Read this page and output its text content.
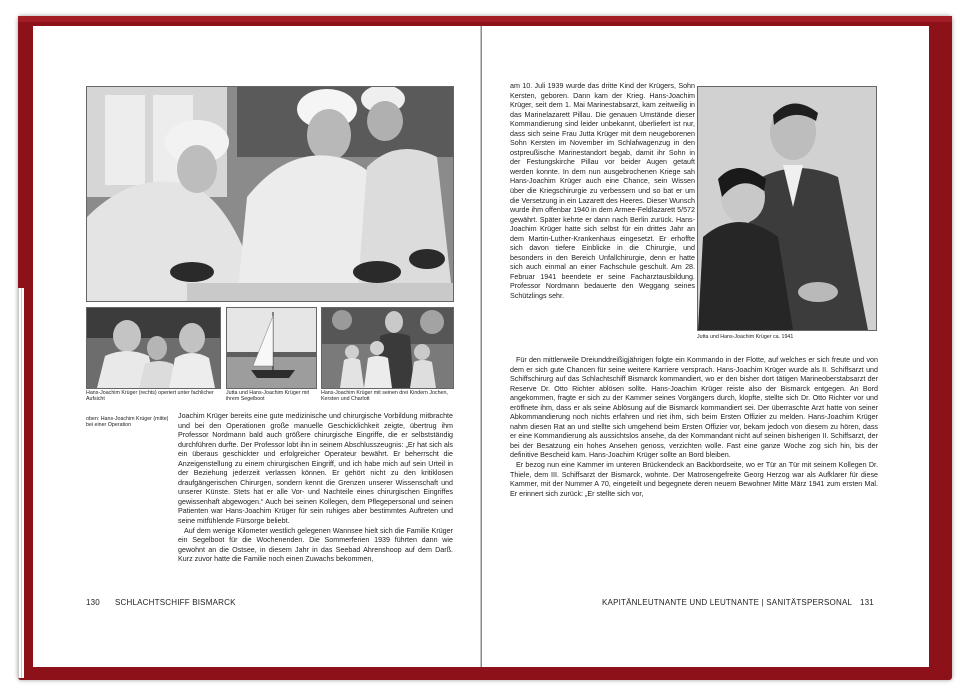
Hans-Joachim Krüger (rechts) operiert unter fachlicher Aufsicht
Jutta und Hans-Joachim Krüger mit ihrem Segelboot
Hans-Joachim Krüger mit seinen drei Kindern Jochen, Kersten und Charlott
oben: Hans-Joachim Krüger (mitte) bei einer Operation

Joachim Krüger bereits eine gute medizinische und chirurgische Vorbildung mitbrachte und bei den Operationen große manuelle Geschicklichkeit zeigte, übertrug ihm Professor Nordmann bald auch größere chirurgische Eingriffe, die er selbstständig durchführen durfte. Der Professor lobt ihn in seinem Abschlusszeugnis: „Er hat sich als ein überaus geschickter und erfolgreicher Operateur bewährt. Er beherrscht die Anzeigenstellung zu einem chirurgischen Eingriff, und ich habe mich auf sein Urteil in der Beziehung jederzeit verlassen können. Er gehört nicht zu den kritiklosen draufgängerischen Chirurgen, sondern kennt die Grenzen unserer Wissenschaft und unserer Künste. Stets hat er alle Vor- und Nachteile eines chirurgischen Eingriffes gewissenhaft abgewogen.“ Auch bei seinen Kollegen, dem Pflegepersonal und seinen Patienten war Hans-Joachim Krüger für sein ruhiges aber bestimmtes Auftreten und seine mitfühlende Fürsorge beliebt.

Auf dem wenige Kilometer westlich gelegenen Wannsee hielt sich die Familie Krüger ein Segelboot für die Wochenenden. Die Sommerferien 1939 führten dann wie gewohnt an die Ostsee, in diesem Jahr in das Seebad Ahrenshoop auf dem Darß. Kurz zuvor hatte die Familie noch einen Zuwachs bekommen,

130 SCHLACHTSCHIFF BISMARCK

am 10. Juli 1939 wurde das dritte Kind der Krügers, Sohn Kersten, geboren. Dann kam der Krieg. Hans-Joachim Krüger, seit dem 1. Mai Marinestabsarzt, kam zeitweilig in das Marinelazarett Pillau. Die genauen Umstände dieser Kommandierung sind leider unbekannt, überliefert ist nur, dass sich seine Frau Jutta Krüger mit dem neugeborenen Sohn Kersten im November im Schlafwagenzug in den ostpreußische Marinestandort begab, damit ihr Sohn in der Festungskirche Pillau vor beider Augen getauft werden konnte. In dem nun ausgebrochenen Kriege sah Hans-Joachim Krüger auch eine Chance, sein Wissen über die Kriegschirurgie zu verbessern und so bat er um die Versetzung in ein Lazarett des Heeres. Dieser Wunsch wurde ihm offenbar 1940 in dem Armee-Feldlazarett 5/572 gewährt. Später kehrte er dann nach Berlin zurück. Hans-Joachim Krüger hatte sich selbst für ein drittes Jahr an dem Martin-Luther-Krankenhaus eingesetzt. Er erhoffte sich davon tiefere Einblicke in die Chirurgie, und besonders in den Bereich Unfallchirurgie, denn er hatte sich auch einmal an einer Fachschule geschult. Am 28. Februar 1941 beendete er seine Facharztausbildung. Professor Nordmann bedauerte den Weggang seines Schützlings sehr.

Jutta und Hans-Joachim Krüger ca. 1941

Für den mittlerweile Dreiunddreißigjährigen folgte ein Kommando in der Flotte, auf welches er sich freute und von dem er sich gute Chancen für seine weitere Karriere versprach. Hans-Joachim Krüger wurde als II. Schiffsarzt und Schiffschirurg auf das Schlachtschiff Bismarck kommandiert, wo er den bisher dort tätigen Marineoberstabsarzt der Reserve Dr. Otto Richter ablösen sollte. Hans-Joachim Krüger reiste also der Bismarck entgegen. An Bord angekommen, fragte er sich zu der Kammer seines Vorgängers durch, klopfte, stellte sich Dr. Otto Richter vor und eröffnete ihm, dass er als seine Ablösung auf die Bismarck kommandiert sei. Der überraschte Arzt hatte von seiner Abkommandierung noch nichts erfahren und riet ihm, sich beim Ersten Offizier zu melden. Hans-Joachim Krüger nahm diesen Rat an und stellte sich umgehend beim Ersten Offizier vor, bekam jedoch von diesem zu hören, dass er eine Kommandierung als aussichtslos ansehe, da der Kommandant nicht auf seinen bisherigen II. Schiffsarzt, der bei der Besatzung ein hohes Ansehen genoss, verzichten wolle. Fast eine ganze Woche zog sich hin, bis der definitive Bescheid kam. Hans-Joachim Krüger sollte an Bord bleiben.

Er bezog nun eine Kammer im unteren Brückendeck an Backbordseite, wo er Tür an Tür mit seinem Kollegen Dr. Thiele, dem III. Schiffsarzt der Bismarck, wohnte. Der Matrosengefreite Georg Herzog war als Aufklarer für diese Kammer, mit der Nummer A 70, eingeteilt und begegnete deren neuem Bewohner Mitte März 1941 zum ersten Mal. Er erinnert sich zurück: „Er stellte sich vor,

KAPITÄNLEUTNANTE UND LEUTNANTE | SANITÄTSPERSONAL 131
